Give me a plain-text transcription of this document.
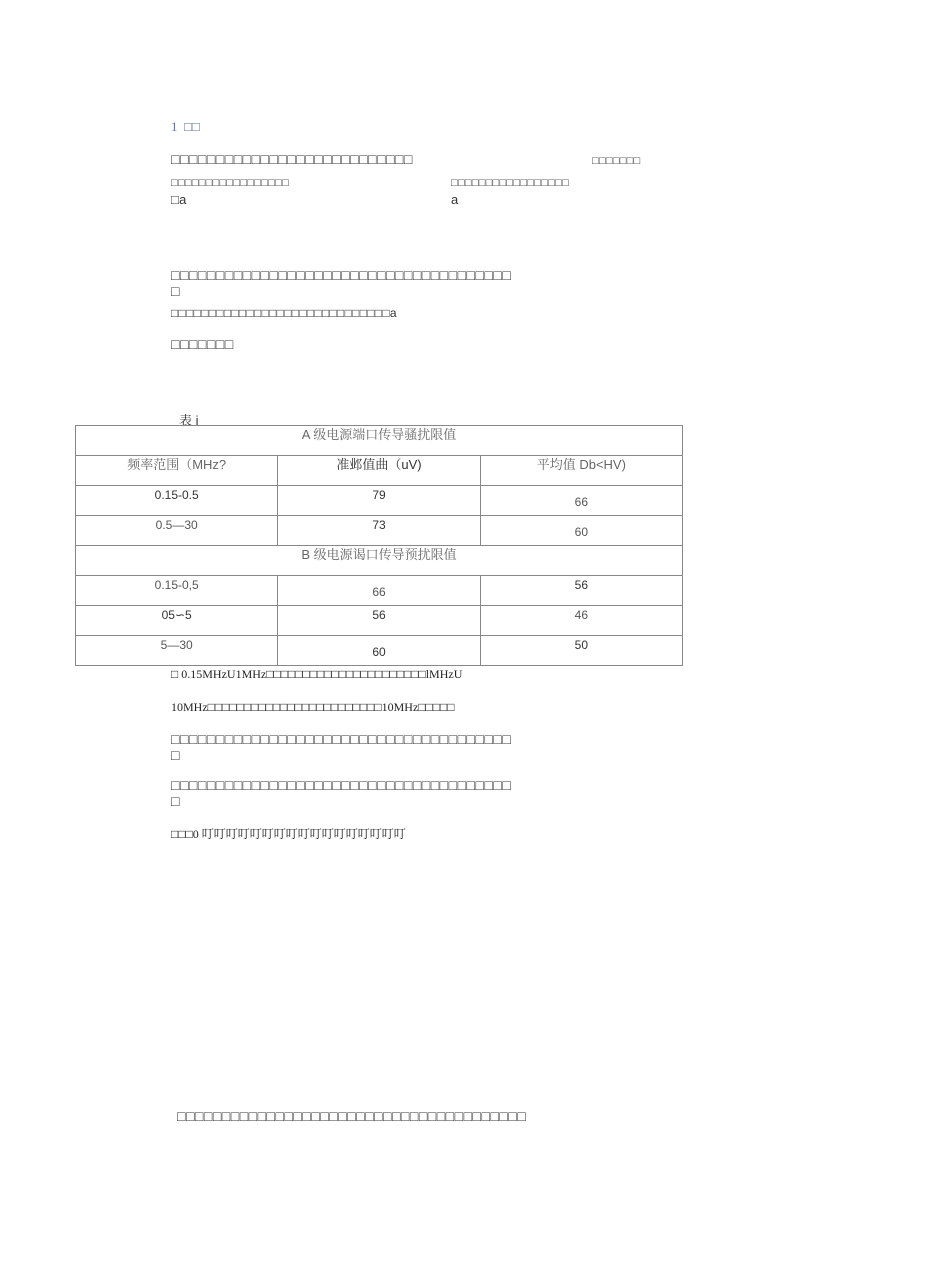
1 □□
□□□□□□□□□□□□□□□□□□□□□□□□□□□	□□□□□□□
□□□□□□□□□□□□□□□□□	□□□□□□□□□□□□□□□□□
□a	a
□□□□□□□□□□□□□□□□□□□□□□□□□□□□□□□□□□□□□□
□
□□□□□□□□□□□□□□□□□□□□□□□□□□□□□a
□□□□□□□
表 i
A 级电源端口传导骚扰限值		
频率范围（MHz?	准邺值曲（uV)	平均值 Db<HV)
0.15-0.5	79	66
0.5—30	73	60
B 级电源谒口传导预扰限值		
0.15-0,5	66	56
05∽5	56	46
5—30	60	50
□ 0.15MHzU1MHz□□□□□□□□□□□□□□□□□□□□□□lMHzU
10MHz□□□□□□□□□□□□□□□□□□□□□□□□10MHz□□□□□
□□□□□□□□□□□□□□□□□□□□□□□□□□□□□□□□□□□□□□
□
□□□□□□□□□□□□□□□□□□□□□□□□□□□□□□□□□□□□□□
□
□□□0 叮叮叮叮叮叮叮叮叮叮叮叮叮叮叮叮叮
□□□□□□□□□□□□□□□□□□□□□□□□□□□□□□□□□□□□□□□
